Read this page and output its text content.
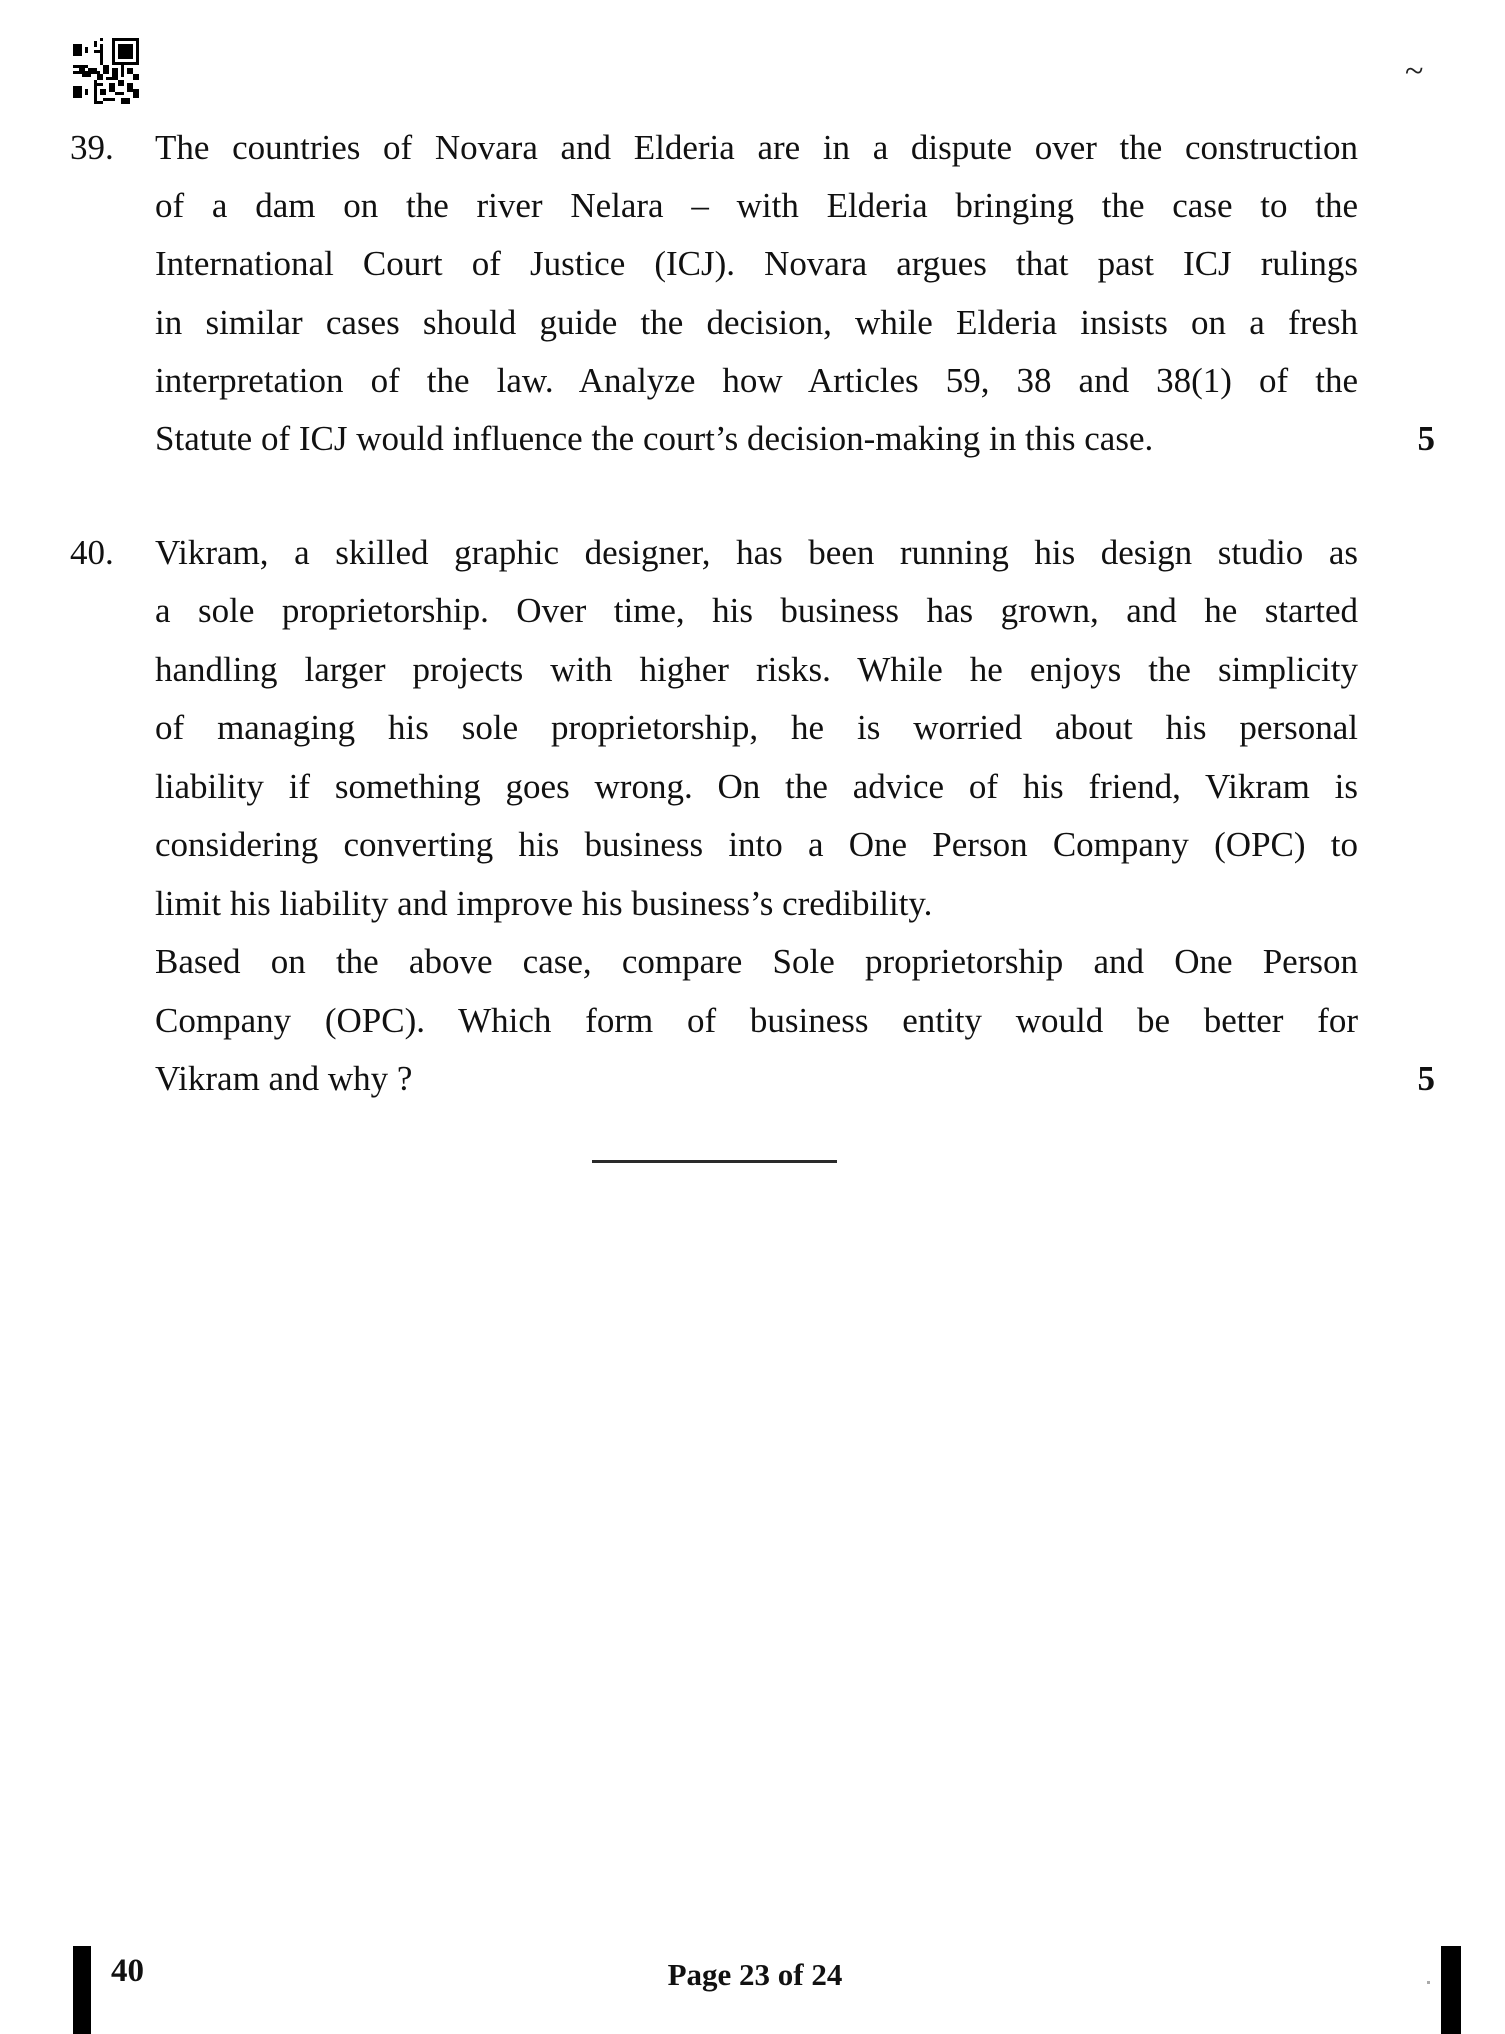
~
39.	The countries of Novara and Elderia are in a dispute over the construction
of a dam on the river Nelara – with Elderia bringing the case to the
International Court of Justice (ICJ). Novara argues that past ICJ rulings
in similar cases should guide the decision, while Elderia insists on a fresh
interpretation of the law. Analyze how Articles 59, 38 and 38(1) of the
Statute of ICJ would influence the court’s decision-making in this case.	5
40.	Vikram, a skilled graphic designer, has been running his design studio as
a sole proprietorship. Over time, his business has grown, and he started
handling larger projects with higher risks. While he enjoys the simplicity
of managing his sole proprietorship, he is worried about his personal
liability if something goes wrong. On the advice of his friend, Vikram is
considering converting his business into a One Person Company (OPC) to
limit his liability and improve his business’s credibility.
Based on the above case, compare Sole proprietorship and One Person
Company (OPC). Which form of business entity would be better for
Vikram and why ?	5
40	Page 23 of 24
